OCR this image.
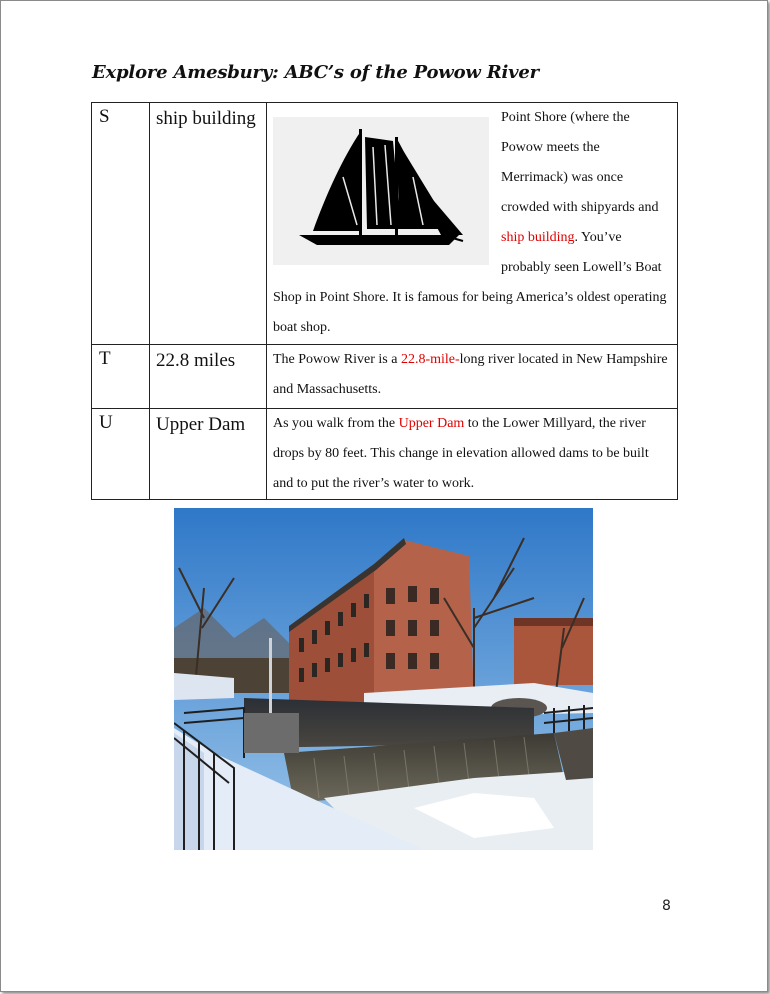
Explore Amesbury: ABC’s of the Powow River
S	ship building	Point Shore (where the Powow meets the Merrimack) was once crowded with shipyards and ship building. You’ve probably seen Lowell’s Boat Shop in Point Shore. It is famous for being America’s oldest operating boat shop.
T	22.8 miles	The Powow River is a 22.8-mile-long river located in New Hampshire and Massachusetts.
U	Upper Dam	As you walk from the Upper Dam to the Lower Millyard, the river drops by 80 feet. This change in elevation allowed dams to be built and to put the river’s water to work.
8
